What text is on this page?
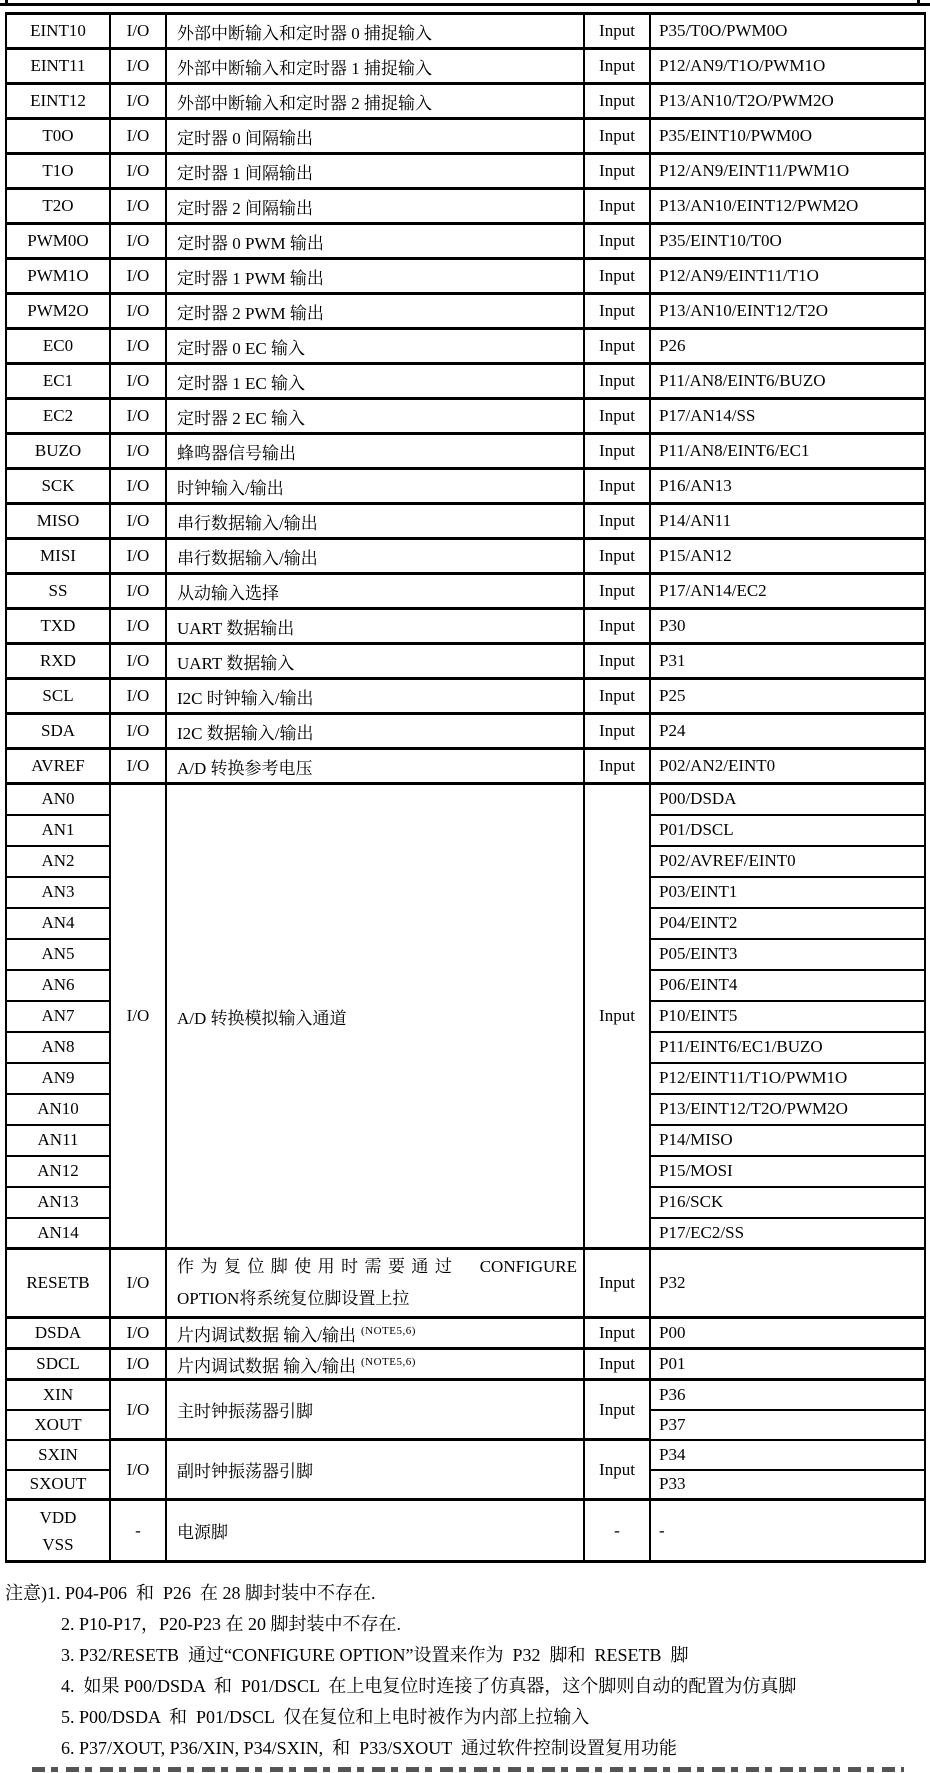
EINT10	I/O	外部中断输入和定时器 0 捕捉输入	Input	P35/T0O/PWM0O
EINT11	I/O	外部中断输入和定时器 1 捕捉输入	Input	P12/AN9/T1O/PWM1O
EINT12	I/O	外部中断输入和定时器 2 捕捉输入	Input	P13/AN10/T2O/PWM2O
T0O	I/O	定时器 0 间隔输出	Input	P35/EINT10/PWM0O
T1O	I/O	定时器 1 间隔输出	Input	P12/AN9/EINT11/PWM1O
T2O	I/O	定时器 2 间隔输出	Input	P13/AN10/EINT12/PWM2O
PWM0O	I/O	定时器 0 PWM 输出	Input	P35/EINT10/T0O
PWM1O	I/O	定时器 1 PWM 输出	Input	P12/AN9/EINT11/T1O
PWM2O	I/O	定时器 2 PWM 输出	Input	P13/AN10/EINT12/T2O
EC0	I/O	定时器 0 EC 输入	Input	P26
EC1	I/O	定时器 1 EC 输入	Input	P11/AN8/EINT6/BUZO
EC2	I/O	定时器 2 EC 输入	Input	P17/AN14/SS
BUZO	I/O	蜂鸣器信号输出	Input	P11/AN8/EINT6/EC1
SCK	I/O	时钟输入/输出	Input	P16/AN13
MISO	I/O	串行数据输入/输出	Input	P14/AN11
MISI	I/O	串行数据输入/输出	Input	P15/AN12
SS	I/O	从动输入选择	Input	P17/AN14/EC2
TXD	I/O	UART 数据输出	Input	P30
RXD	I/O	UART 数据输入	Input	P31
SCL	I/O	I2C 时钟输入/输出	Input	P25
SDA	I/O	I2C 数据输入/输出	Input	P24
AVREF	I/O	A/D 转换参考电压	Input	P02/AN2/EINT0
AN0	I/O	A/D 转换模拟输入通道	Input	P00/DSDA
AN1				P01/DSCL
AN2				P02/AVREF/EINT0
AN3				P03/EINT1
AN4				P04/EINT2
AN5				P05/EINT3
AN6				P06/EINT4
AN7				P10/EINT5
AN8				P11/EINT6/EC1/BUZO
AN9				P12/EINT11/T1O/PWM1O
AN10				P13/EINT12/T2O/PWM2O
AN11				P14/MISO
AN12				P15/MOSI
AN13				P16/SCK
AN14				P17/EC2/SS
RESETB	I/O	作为复位脚使用时需要通过  CONFIGURE
OPTION将系统复位脚设置上拉	Input	P32
DSDA	I/O	片内调试数据 输入/输出 $^{(NOTE5,6)}$	Input	P00
SDCL	I/O	片内调试数据 输入/输出 $^{(NOTE5,6)}$	Input	P01
XIN	I/O	主时钟振荡器引脚	Input	P36
XOUT				P37
SXIN	I/O	副时钟振荡器引脚	Input	P34
SXOUT				P33

VDD
VSS	-	电源脚	-	-
注意)1. P04-P06  和  P26  在 28 脚封装中不存在.
2. P10-P17，P20-P23 在 20 脚封装中不存在.
3. P32/RESETB  通过“CONFIGURE OPTION”设置来作为  P32  脚和  RESETB  脚
4.  如果 P00/DSDA  和  P01/DSCL  在上电复位时连接了仿真器，这个脚则自动的配置为仿真脚
5. P00/DSDA  和  P01/DSCL  仅在复位和上电时被作为内部上拉输入
6. P37/XOUT, P36/XIN, P34/SXIN,  和  P33/SXOUT  通过软件控制设置复用功能
